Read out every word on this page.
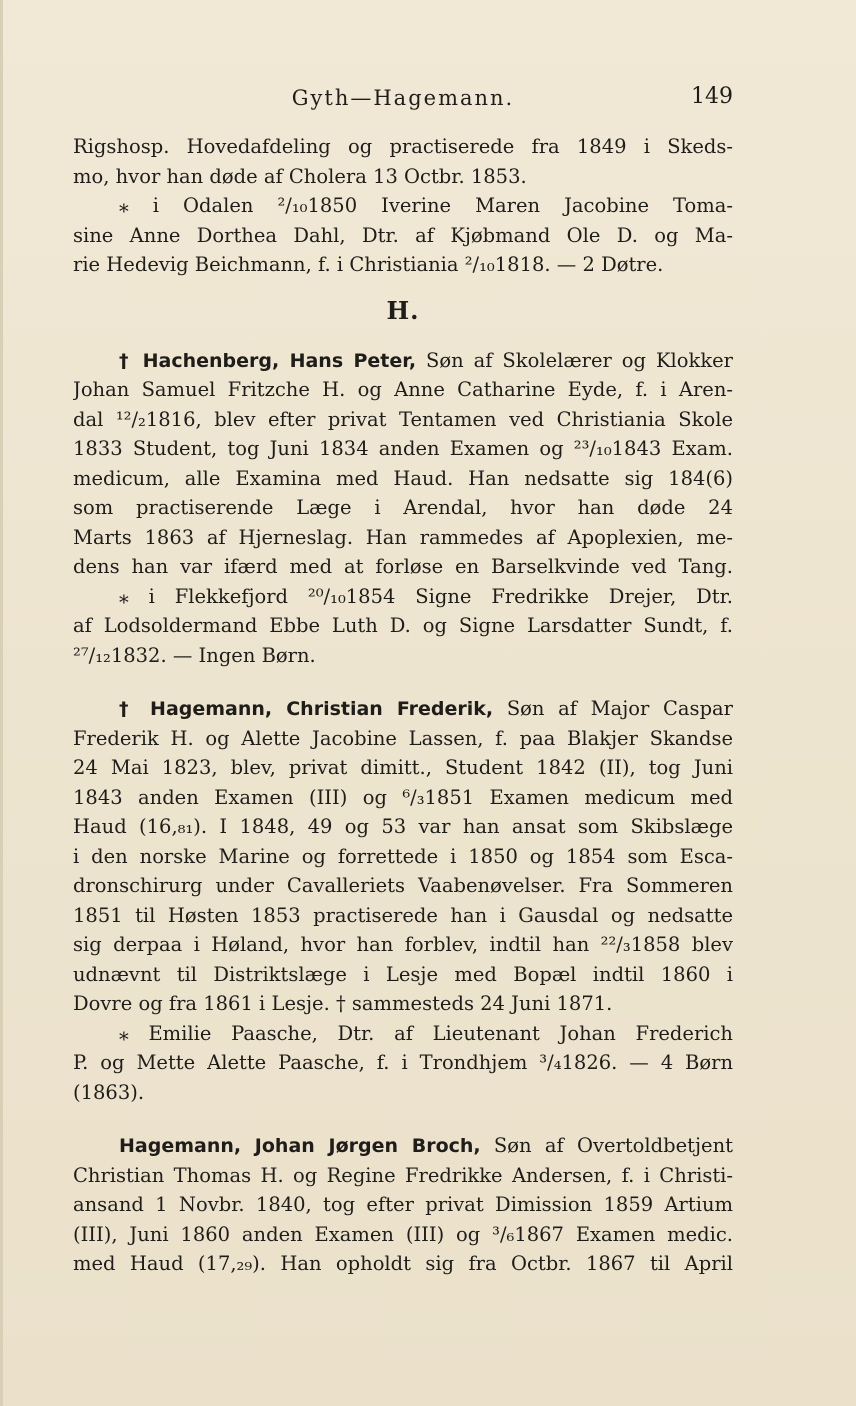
Gyth—Hagemann.	149
Rigshosp. Hovedafdeling og practiserede fra 1849 i Skeds-
mo, hvor han døde af Cholera 13 Octbr. 1853.
⁎ i Odalen ²/₁₀1850 Iverine Maren Jacobine Toma-
sine Anne Dorthea Dahl, Dtr. af Kjøbmand Ole D. og Ma-
rie Hedevig Beichmann, f. i Christiania ²/₁₀1818. — 2 Døtre.
H.
† Hachenberg, Hans Peter, Søn af Skolelærer og Klokker
Johan Samuel Fritzche H. og Anne Catharine Eyde, f. i Aren-
dal ¹²/₂1816, blev efter privat Tentamen ved Christiania Skole
1833 Student, tog Juni 1834 anden Examen og ²³/₁₀1843 Exam.
medicum, alle Examina med Haud. Han nedsatte sig 184(6)
som practiserende Læge i Arendal, hvor han døde 24
Marts 1863 af Hjerneslag. Han rammedes af Apoplexien, me-
dens han var ifærd med at forløse en Barselkvinde ved Tang.
⁎ i Flekkefjord ²⁰/₁₀1854 Signe Fredrikke Drejer, Dtr.
af Lodsoldermand Ebbe Luth D. og Signe Larsdatter Sundt, f.
²⁷/₁₂1832. — Ingen Børn.
† Hagemann, Christian Frederik, Søn af Major Caspar
Frederik H. og Alette Jacobine Lassen, f. paa Blakjer Skandse
24 Mai 1823, blev, privat dimitt., Student 1842 (II), tog Juni
1843 anden Examen (III) og ⁶/₃1851 Examen medicum med
Haud (16,₈₁). I 1848, 49 og 53 var han ansat som Skibslæge
i den norske Marine og forrettede i 1850 og 1854 som Esca-
dronschirurg under Cavalleriets Vaabenøvelser. Fra Sommeren
1851 til Høsten 1853 practiserede han i Gausdal og nedsatte
sig derpaa i Høland, hvor han forblev, indtil han ²²/₃1858 blev
udnævnt til Distriktslæge i Lesje med Bopæl indtil 1860 i
Dovre og fra 1861 i Lesje. † sammesteds 24 Juni 1871.
⁎ Emilie Paasche, Dtr. af Lieutenant Johan Frederich
P. og Mette Alette Paasche, f. i Trondhjem ³/₄1826. — 4 Børn
(1863).
Hagemann, Johan Jørgen Broch, Søn af Overtoldbetjent
Christian Thomas H. og Regine Fredrikke Andersen, f. i Christi-
ansand 1 Novbr. 1840, tog efter privat Dimission 1859 Artium
(III), Juni 1860 anden Examen (III) og ³/₆1867 Examen medic.
med Haud (17,₂₉). Han opholdt sig fra Octbr. 1867 til April
